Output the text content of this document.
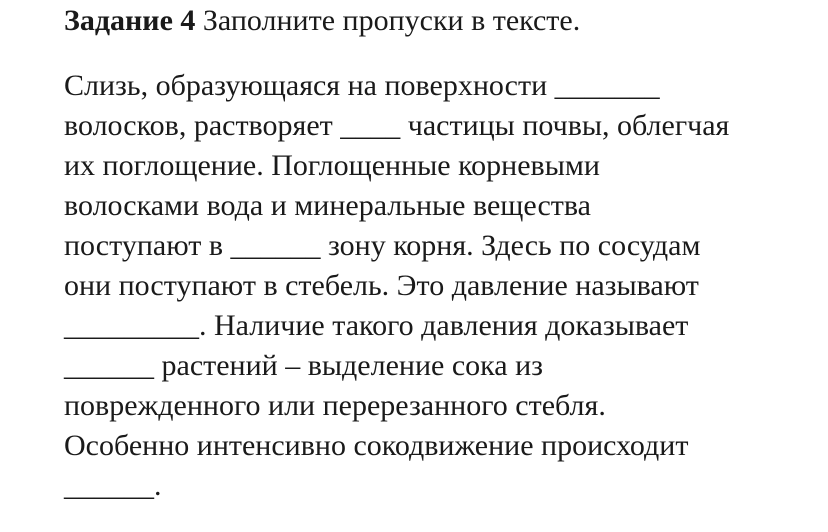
Задание 4 Заполните пропуски в тексте.
Слизь, образующаяся на поверхности _______
волосков, растворяет ____ частицы почвы, облегчая
их поглощение. Поглощенные корневыми
волосками вода и минеральные вещества
поступают в ______ зону корня. Здесь по сосудам
они поступают в стебель. Это давление называют
_________. Наличие такого давления доказывает
______ растений – выделение сока из
поврежденного или перерезанного стебля.
Особенно интенсивно сокодвижение происходит
______.
